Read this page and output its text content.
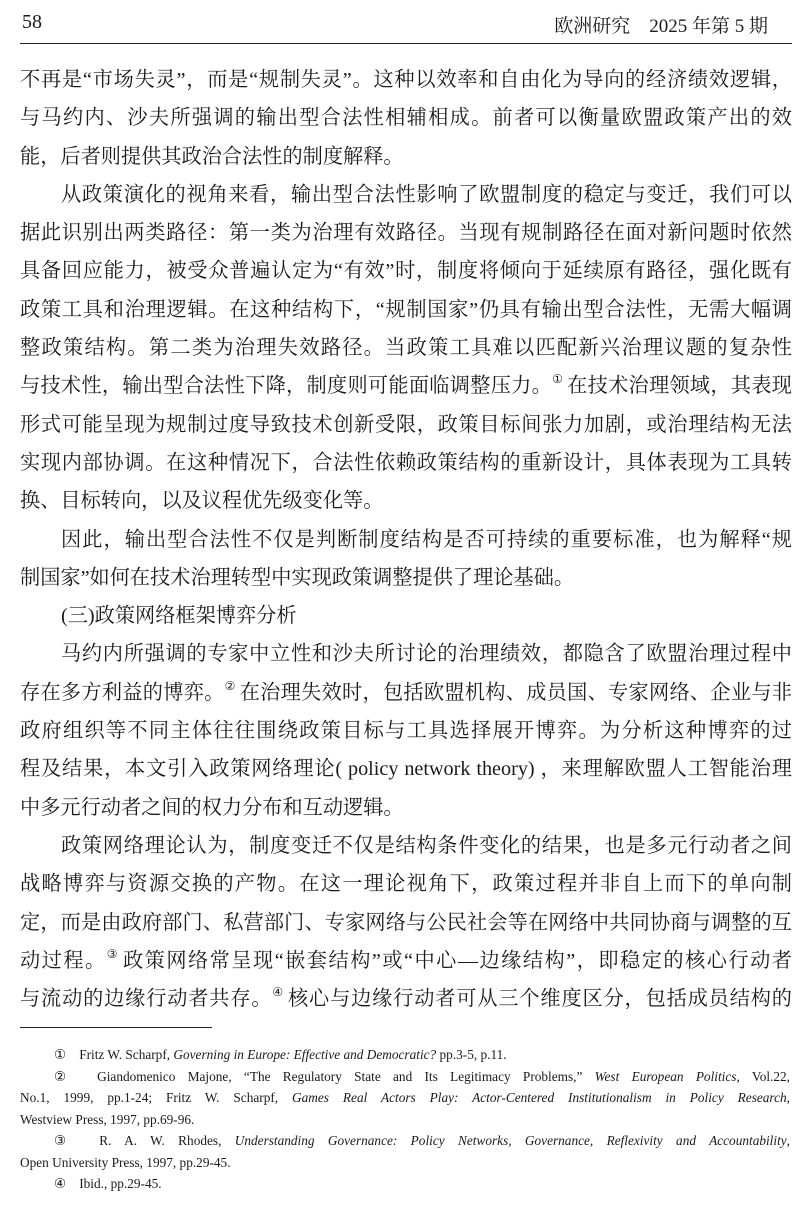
58	欧洲研究　2025 年第 5 期
不再是“市场失灵”，而是“规制失灵”。这种以效率和自由化为导向的经济绩效逻辑，
与马约内、沙夫所强调的输出型合法性相辅相成。前者可以衡量欧盟政策产出的效
能，后者则提供其政治合法性的制度解释。
从政策演化的视角来看，输出型合法性影响了欧盟制度的稳定与变迁，我们可以
据此识别出两类路径：第一类为治理有效路径。当现有规制路径在面对新问题时依然
具备回应能力，被受众普遍认定为“有效”时，制度将倾向于延续原有路径，强化既有
政策工具和治理逻辑。在这种结构下，“规制国家”仍具有输出型合法性，无需大幅调
整政策结构。第二类为治理失效路径。当政策工具难以匹配新兴治理议题的复杂性
与技术性，输出型合法性下降，制度则可能面临调整压力。① 在技术治理领域，其表现
形式可能呈现为规制过度导致技术创新受限，政策目标间张力加剧，或治理结构无法
实现内部协调。在这种情况下，合法性依赖政策结构的重新设计，具体表现为工具转
换、目标转向，以及议程优先级变化等。
因此，输出型合法性不仅是判断制度结构是否可持续的重要标准，也为解释“规
制国家”如何在技术治理转型中实现政策调整提供了理论基础。
(三)政策网络框架博弈分析
马约内所强调的专家中立性和沙夫所讨论的治理绩效，都隐含了欧盟治理过程中
存在多方利益的博弈。② 在治理失效时，包括欧盟机构、成员国、专家网络、企业与非
政府组织等不同主体往往围绕政策目标与工具选择展开博弈。为分析这种博弈的过
程及结果，本文引入政策网络理论( policy network theory) ，来理解欧盟人工智能治理
中多元行动者之间的权力分布和互动逻辑。
政策网络理论认为，制度变迁不仅是结构条件变化的结果，也是多元行动者之间
战略博弈与资源交换的产物。在这一理论视角下，政策过程并非自上而下的单向制
定，而是由政府部门、私营部门、专家网络与公民社会等在网络中共同协商与调整的互
动过程。③ 政策网络常呈现“嵌套结构”或“中心—边缘结构”，即稳定的核心行动者
与流动的边缘行动者共存。④ 核心与边缘行动者可从三个维度区分，包括成员结构的
①　Fritz W. Scharpf, Governing in Europe: Effective and Democratic? pp.3-5, p.11.
②　Giandomenico Majone, “The Regulatory State and Its Legitimacy Problems,” West European Politics, Vol.22,
No.1, 1999, pp.1-24; Fritz W. Scharpf, Games Real Actors Play: Actor-Centered Institutionalism in Policy Research,
Westview Press, 1997, pp.69-96.
③　R. A. W. Rhodes, Understanding Governance: Policy Networks, Governance, Reflexivity and Accountability,
Open University Press, 1997, pp.29-45.
④　Ibid., pp.29-45.
